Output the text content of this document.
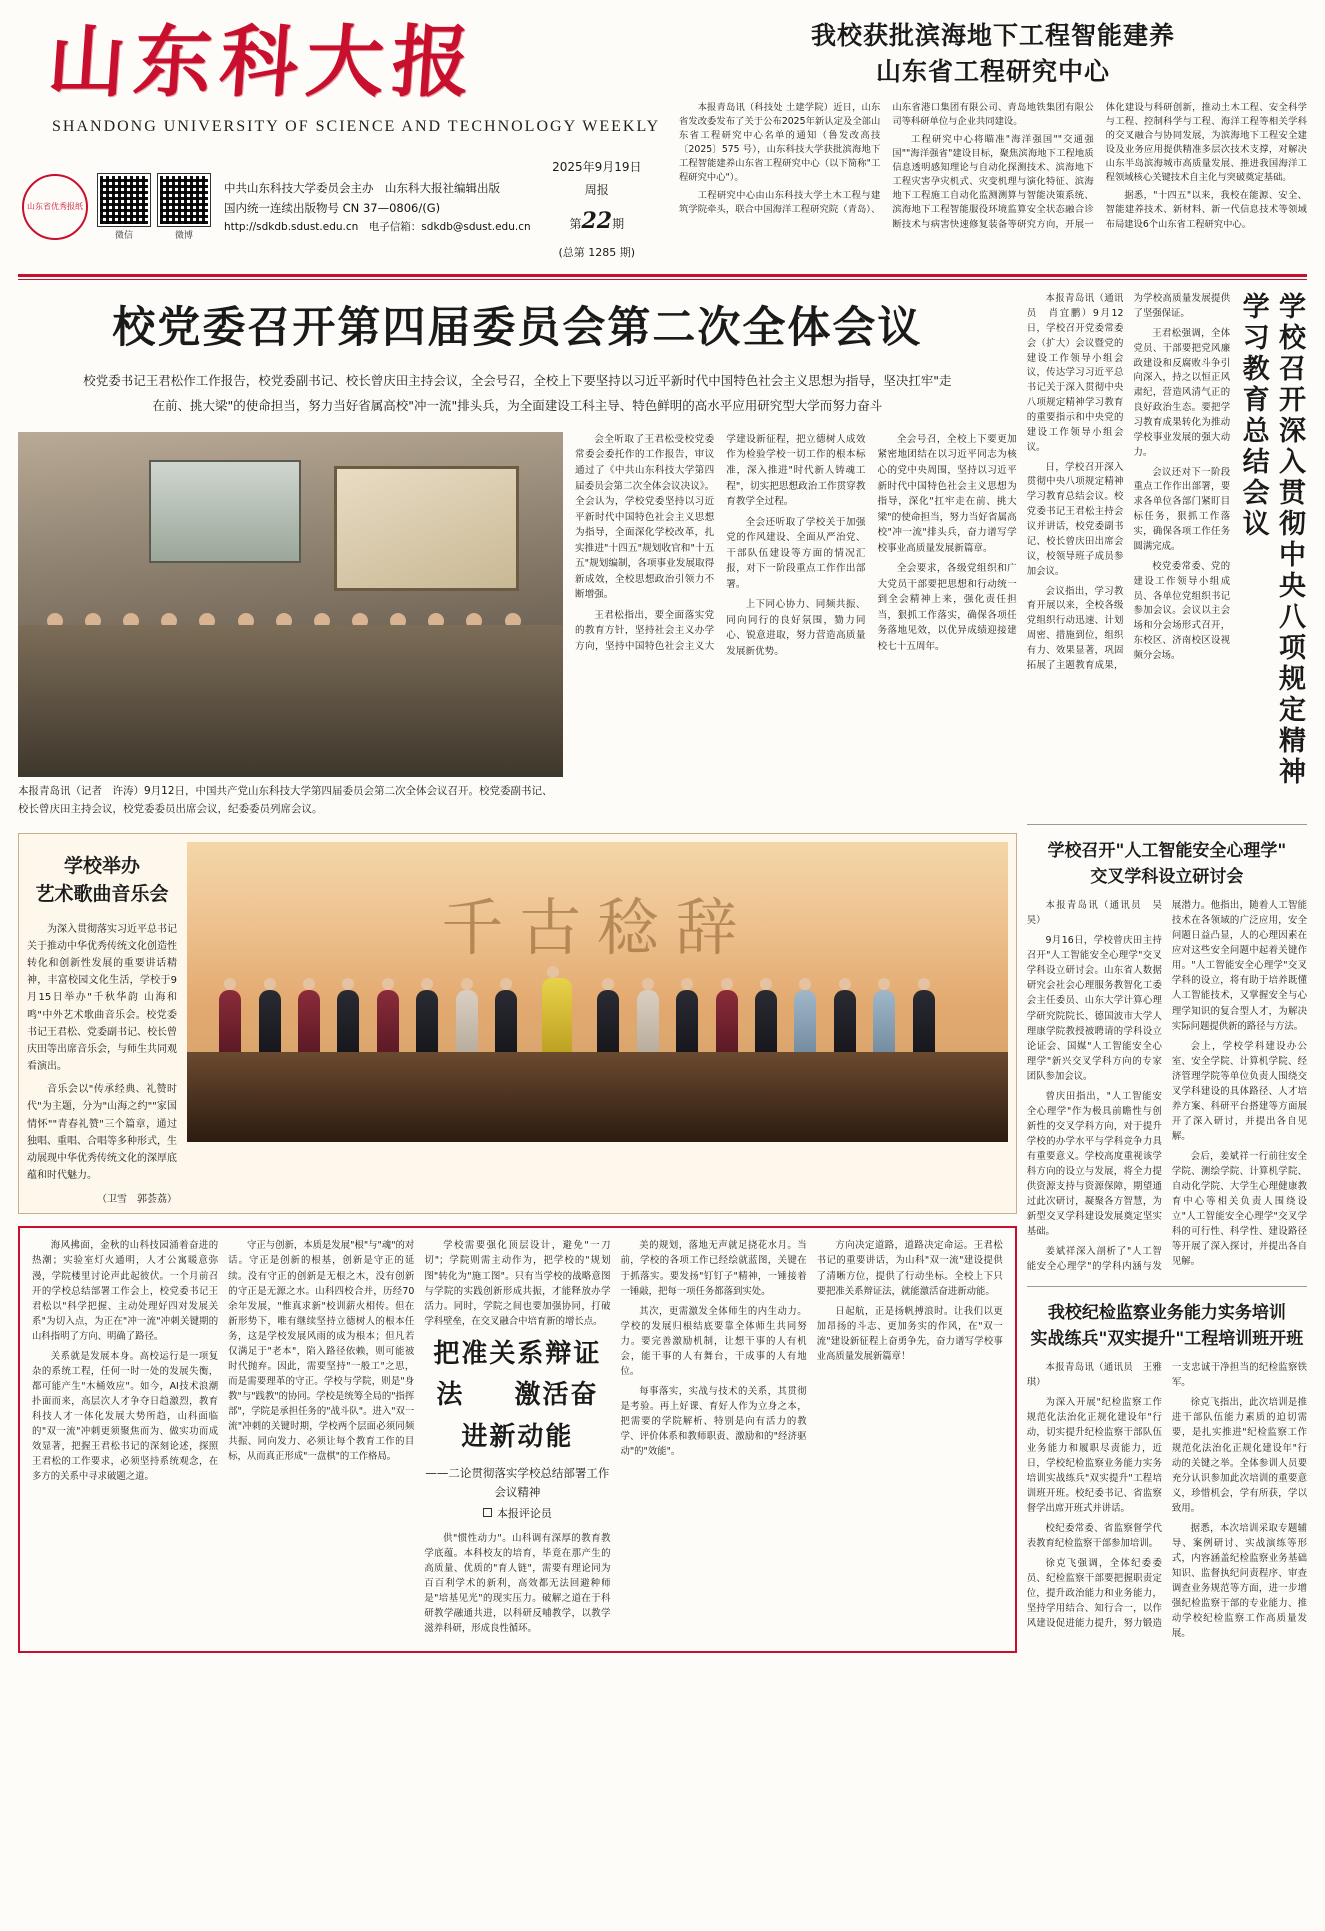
山东科大报
SHANDONG UNIVERSITY OF SCIENCE AND TECHNOLOGY WEEKLY
山东省优秀报纸
微信	微博
中共山东科技大学委员会主办　山东科大报社编辑出版
国内统一连续出版物号 CN 37—0806/(G)
http://sdkdb.sdust.edu.cn　电子信箱：sdkdb@sdust.edu.cn
2025年9月19日
周报
第22期
(总第 1285 期)
我校获批滨海地下工程智能建养
山东省工程研究中心

本报青岛讯（科技处 土建学院）近日，山东省发改委发布了关于公布2025年新认定及全部山东省工程研究中心名单的通知（鲁发改高技〔2025〕575 号），山东科技大学获批滨海地下工程智能建养山东省工程研究中心（以下简称"工程研究中心"）。

工程研究中心由山东科技大学土木工程与建筑学院牵头，联合中国海洋工程研究院（青岛）、山东省港口集团有限公司、青岛地铁集团有限公司等科研单位与企业共同建设。

工程研究中心将瞄准"海洋强国""交通强国""海洋强省"建设目标，聚焦滨海地下工程地质信息透明感知理论与自动化探测技术、滨海地下工程灾害孕灾机式、灾变机理与演化特征、滨海地下工程施工自动化监测测算与智能决策系统、滨海地下工程智能服役环境监算安全状态融合诊断技术与病害快速修复装备等研究方向，开展一体化建设与科研创新，推动土木工程、安全科学与工程、控制科学与工程、海洋工程等相关学科的交叉融合与协同发展，为滨海地下工程安全建设及业务应用提供精准多层次技术支撑，对解决山东半岛滨海城市高质量发展、推进我国海洋工程领域核心关键技术自主化与突破奠定基础。

据悉，"十四五"以来，我校在能源、安全、智能建养技术、新材料、新一代信息技术等领域布局建设6个山东省工程研究中心。

校党委召开第四届委员会第二次全体会议
校党委书记王君松作工作报告，校党委副书记、校长曾庆田主持会议，全会号召，全校上下要坚持以习近平新时代中国特色社会主义思想为指导，坚决扛牢"走在前、挑大梁"的使命担当，努力当好省属高校"冲一流"排头兵，为全面建设工科主导、特色鲜明的高水平应用研究型大学而努力奋斗
本报青岛讯（记者　许涛）9月12日，中国共产党山东科技大学第四届委员会第二次全体会议召开。校党委副书记、校长曾庆田主持会议，校党委委员出席会议，纪委委员列席会议。

会全听取了王君松受校党委常委会委托作的工作报告，审议通过了《中共山东科技大学第四届委员会第二次全体会议决议》。全会认为，学校党委坚持以习近平新时代中国特色社会主义思想为指导，全面深化学校改革，扎实推进"十四五"规划收官和"十五五"规划编制，各项事业发展取得新成效，全校思想政治引领力不断增强。

王君松指出，要全面落实党的教育方针，坚持社会主义办学方向，坚持中国特色社会主义大学建设新征程，把立德树人成效作为检验学校一切工作的根本标准，深入推进"时代新人铸魂工程"，切实把思想政治工作贯穿教育教学全过程。

全会还听取了学校关于加强党的作风建设、全面从严治党、干部队伍建设等方面的情况汇报，对下一阶段重点工作作出部署。

上下同心协力、同频共振、同向同行的良好氛围，勠力同心、锐意进取，努力营造高质量发展新优势。

全会号召，全校上下要更加紧密地团结在以习近平同志为核心的党中央周围，坚持以习近平新时代中国特色社会主义思想为指导，深化"扛牢走在前、挑大梁"的使命担当，努力当好省属高校"冲一流"排头兵，奋力谱写学校事业高质量发展新篇章。

全会要求，各级党组织和广大党员干部要把思想和行动统一到全会精神上来，强化责任担当，狠抓工作落实，确保各项任务落地见效，以优异成绩迎接建校七十五周年。

学校举办
艺术歌曲音乐会

为深入贯彻落实习近平总书记关于推动中华优秀传统文化创造性转化和创新性发展的重要讲话精神，丰富校园文化生活，学校于9月15日举办"千秋华韵 山海和鸣"中外艺术歌曲音乐会。校党委书记王君松、党委副书记、校长曾庆田等出席音乐会，与师生共同观看演出。

音乐会以"传承经典、礼赞时代"为主题，分为"山海之约""家国情怀""青春礼赞"三个篇章，通过独唱、重唱、合唱等多种形式，生动展现中华优秀传统文化的深厚底蕴和时代魅力。

（卫雪　郭荟荔）
千古稔辞

海风拂面，金秋的山科技园涌着奋进的热潮；实验室灯火通明，人才公寓暖意弥漫，学院楼里讨论声此起彼伏。一个月前召开的学校总结部署工作会上，校党委书记王君松以"科学把握、主动处理好四对发展关系"为切入点，为正在"冲一流"冲刺关键期的山科指明了方向、明确了路径。

关系就是发展本身。高校运行是一项复杂的系统工程，任何一时一处的发展失衡，都可能产生"木桶效应"。如今，AI技术浪潮扑面而来，高层次人才争夺日趋激烈，教育科技人才一体化发展大势所趋，山科面临的"双一流"冲刺更须聚焦而为、做实功而成效显著，把握王君松书记的深刻论述，探照王君松的工作要求，必须坚持系统观念，在多方的关系中寻求破题之道。

守正与创新，本质是发展"根"与"魂"的对话。守正是创新的根基，创新是守正的延续。没有守正的创新是无根之木，没有创新的守正是无源之水。山科四校合并，历经70余年发展，"惟真求新"校训薪火相传。但在新形势下，唯有继续坚持立德树人的根本任务，这是学校发展风雨的成为根本；但凡若仅满足于"老本"，陷入路径依赖，则可能被时代抛弃。因此，需要坚持"一般工"之思，而是需要理革的守正。学校与学院，则是"身教"与"践教"的协同。学校是统筹全局的"指挥部"，学院是承担任务的"战斗队"。进入"双一流"冲刺的关键时期，学校两个层面必须同频共振、同向发力、必须让每个教育工作的目标，从而真正形成"一盘棋"的工作格局。

学校需要强化顶层设计，避免"一刀切"；学院则需主动作为，把学校的"规划图"转化为"施工图"。只有当学校的战略意图与学院的实践创新形成共振，才能释放办学活力。同时，学院之间也要加强协同，打破学科壁垒，在交叉融合中培育新的增长点。

把准关系辩证法 　 激活奋进新动能
——二论贯彻落实学校总结部署工作会议精神
本报评论员

供"惯性动力"。山科调有深厚的教育教学底蕴。本科校友的培育，毕竟在那产生的高质量、优质的"育人链"，需要有理论同为百百利学术的新利，高效都无法回避种师是"培基见光"的现实压力。破解之道在于科研教学融通共进，以科研反哺教学，以教学滋养科研，形成良性循环。

美的规划，落地无声就足挠花水月。当前，学校的各项工作已经绘就蓝图，关键在于抓落实。要发扬"钉钉子"精神，一锤接着一锤敲，把每一项任务都落到实处。

其次，更需激发全体师生的内生动力。学校的发展归根结底要靠全体师生共同努力。要完善激励机制，让想干事的人有机会，能干事的人有舞台，干成事的人有地位。

每事落实，实战与技术的关系，其贯彻是考验。再上好课、育好人作为立身之本，把需要的学院解析、特别是向有活力的教学、评价体系和教师职责、激励和的"经济驱动"的"效能"。

方向决定道路，道路决定命运。王君松书记的重要讲话，为山科"双一流"建设提供了清晰方位，提供了行动坐标。全校上下只要把准关系辩证法，就能激活奋进新动能。

日起航，正是扬帆搏浪时。让我们以更加昂扬的斗志、更加务实的作风，在"双一流"建设新征程上奋勇争先，奋力谱写学校事业高质量发展新篇章！

本报青岛讯（通讯员　肖宜鹏）9月12日，学校召开党委常委会（扩大）会议暨党的建设工作领导小组会议，传达学习习近平总书记关于深入贯彻中央八项规定精神学习教育的重要指示和中央党的建设工作领导小组会议。

日，学校召开深入贯彻中央八项规定精神学习教育总结会议。校党委书记王君松主持会议并讲话，校党委副书记、校长曾庆田出席会议，校领导班子成员参加会议。

会议指出，学习教育开展以来，全校各级党组织行动迅速、计划周密、措施到位，组织有力、效果显著，巩固拓展了主题教育成果，为学校高质量发展提供了坚强保证。

王君松强调，全体党员、干部要把党风廉政建设和反腐败斗争引向深入，持之以恒正风肃纪，营造风清气正的良好政治生态。要把学习教育成果转化为推动学校事业发展的强大动力。

会议还对下一阶段重点工作作出部署，要求各单位各部门紧盯目标任务，狠抓工作落实，确保各项工作任务圆满完成。

校党委常委、党的建设工作领导小组成员、各单位党组织书记参加会议。会议以主会场和分会场形式召开，东校区、济南校区设视频分会场。	学校召开深入贯彻中央八项规定精神学习教育总结会议
学校召开"人工智能安全心理学"
交叉学科设立研讨会

本报青岛讯（通讯员　吴昊）

9月16日，学校曾庆田主持召开"人工智能安全心理学"交叉学科设立研讨会。山东省人数据研究会社会心理服务教智化工委会主任委员、山东大学计算心理学研究院院长、德国波市大学人理康学院教授被聘请的学科设立论证会、国媒"人工智能安全心理学"新兴交叉学科方向的专家团队参加会议。

曾庆田指出，"人工智能安全心理学"作为极具前瞻性与创新性的交叉学科方向，对于提升学校的办学水平与学科竞争力具有重要意义。学校高度重视该学科方向的设立与发展，将全力提供资源支持与资源保障，期望通过此次研讨，凝聚各方智慧，为新型交叉学科建设发展奠定坚实基础。

姜斌祥深入剖析了"人工智能安全心理学"的学科内涵与发展潜力。他指出，随着人工智能技术在各领域的广泛应用，安全问题日益凸显，人的心理因素在应对这些安全问题中起着关键作用。"人工智能安全心理学"交叉学科的设立，将有助于培养既懂人工智能技术，又掌握安全与心理学知识的复合型人才，为解决实际问题提供新的路径与方法。

会上，学校学科建设办公室、安全学院、计算机学院、经济管理学院等单位负责人围绕交叉学科建设的具体路径、人才培养方案、科研平台搭建等方面展开了深入研讨，并提出各自见解。

会后，姜斌祥一行前往安全学院、测绘学院、计算机学院、自动化学院、大学生心理健康教育中心等相关负责人围绕设立"人工智能安全心理学"交叉学科的可行性、科学性、建设路径等开展了深入探讨，并提出各自见解。

我校纪检监察业务能力实务培训
实战练兵"双实提升"工程培训班开班

本报青岛讯（通讯员　王雅琪）

为深入开展"纪检监察工作规范化法治化正规化建设年"行动，切实提升纪检监察干部队伍业务能力和履职尽责能力，近日，学校纪检监察业务能力实务培训实战练兵"双实提升"工程培训班开班。校纪委书记、省监察督学出席开班式并讲话。

校纪委常委、省监察督学代表教育纪检监察干部参加培训。

徐克飞强调，全体纪委委员、纪检监察干部要把握职责定位，提升政治能力和业务能力，坚持学用结合、知行合一，以作风建设促进能力提升，努力锻造一支忠诚干净担当的纪检监察铁军。

徐克飞指出，此次培训是推进干部队伍能力素质的迫切需要，是扎实推进"纪检监察工作规范化法治化正规化建设年"行动的关键之举。全体参训人员要充分认识参加此次培训的重要意义，珍惜机会，学有所获，学以致用。

据悉，本次培训采取专题辅导、案例研讨、实战演练等形式，内容涵盖纪检监察业务基础知识、监督执纪问责程序、审查调查业务规范等方面，进一步增强纪检监察干部的专业能力、推动学校纪检监察工作高质量发展。
